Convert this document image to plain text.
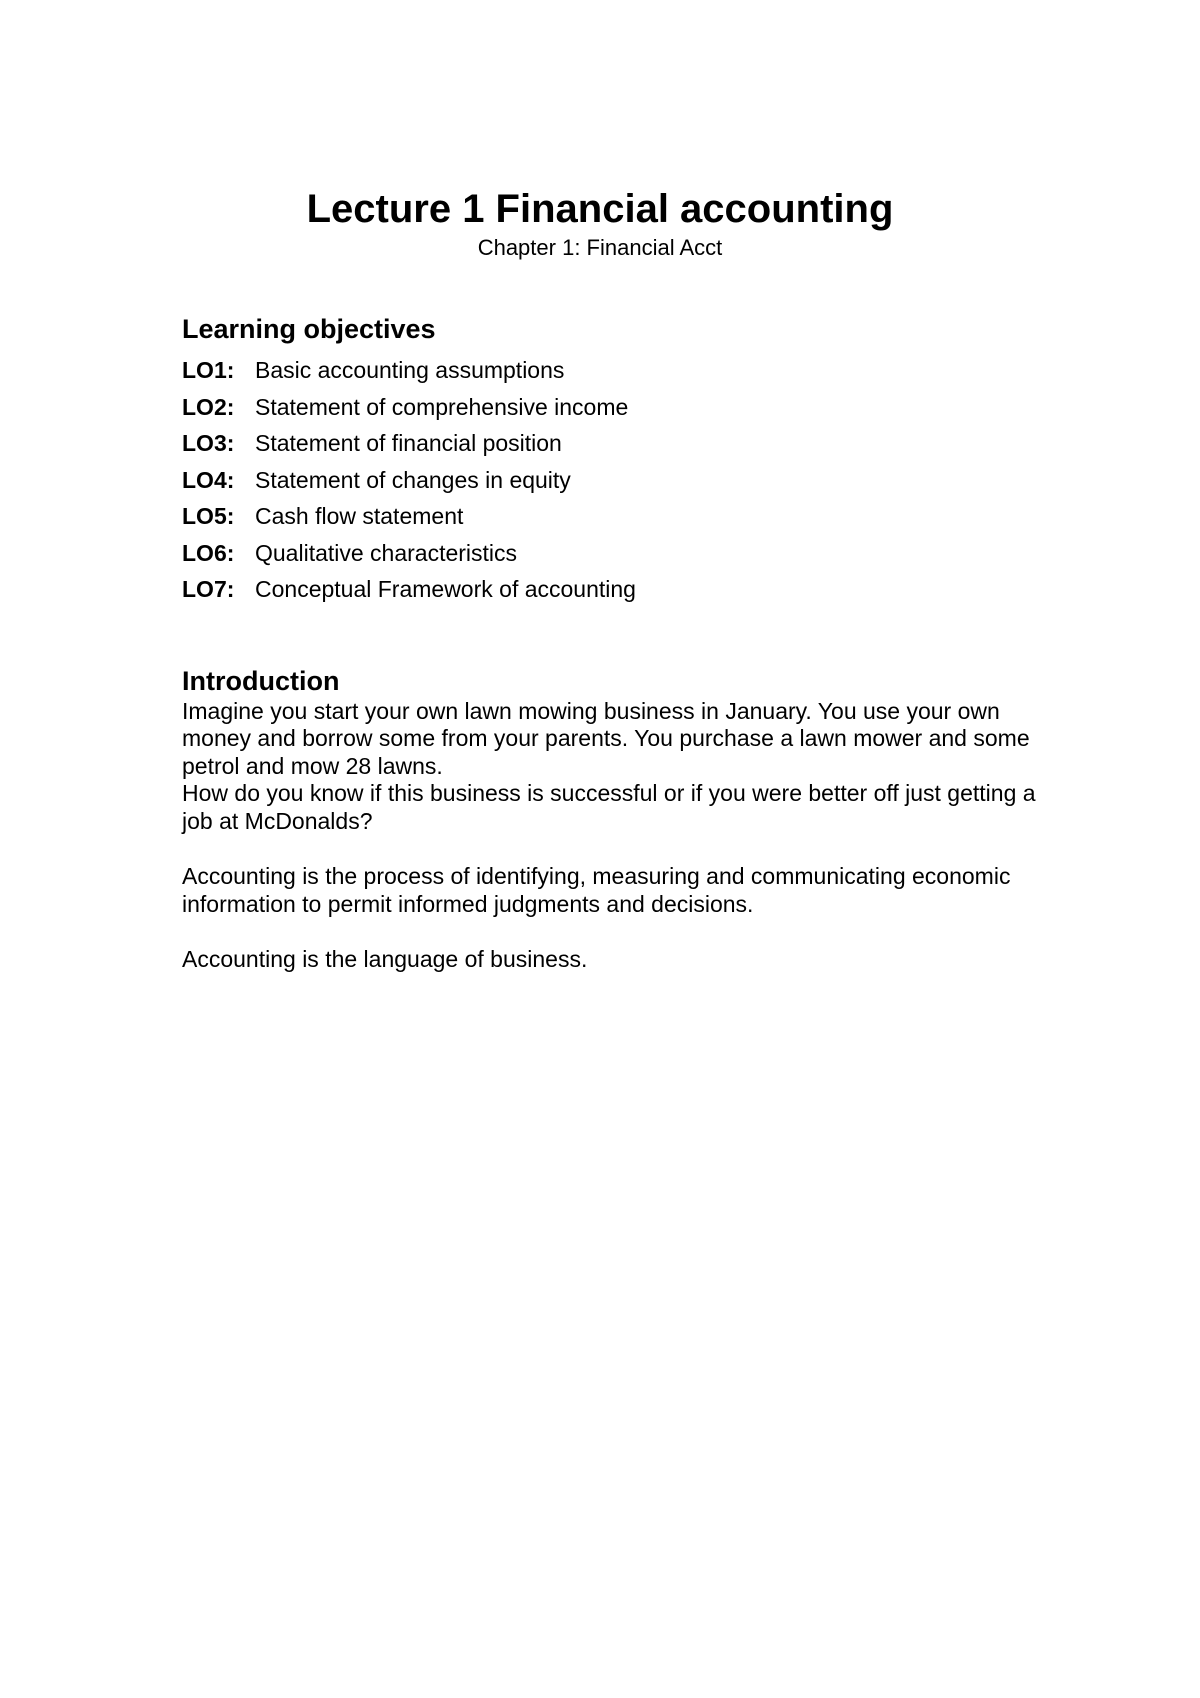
Lecture 1 Financial accounting
Chapter 1: Financial Acct
Learning objectives
LO1: Basic accounting assumptions
LO2: Statement of comprehensive income
LO3: Statement of financial position
LO4: Statement of changes in equity
LO5: Cash flow statement
LO6: Qualitative characteristics
LO7: Conceptual Framework of accounting
Introduction

Imagine you start your own lawn mowing business in January. You use your own money and borrow some from your parents. You purchase a lawn mower and some petrol and mow 28 lawns.

How do you know if this business is successful or if you were better off just getting a job at McDonalds?

Accounting is the process of identifying, measuring and communicating economic information to permit informed judgments and decisions.

Accounting is the language of business.
